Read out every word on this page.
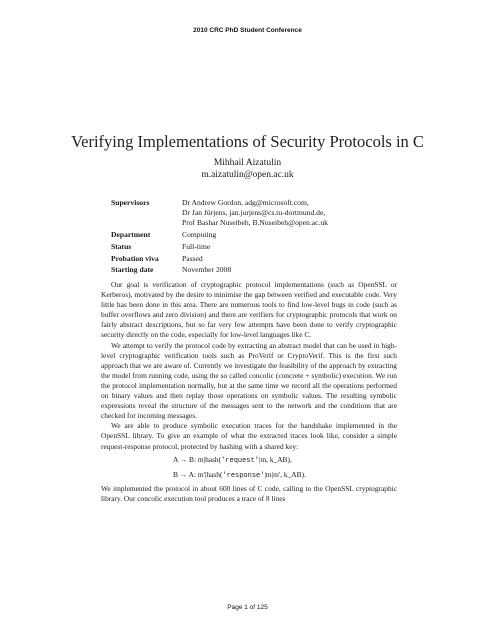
2010 CRC PhD Student Conference
Verifying Implementations of Security Protocols in C
Mihhail Aizatulin
m.aizatulin@open.ac.uk
Supervisors	Dr Andrew Gordon, adg@microsoft.com,
Dr Jan Jürjens, jan.jurjens@cs.tu-dortmund.de,
Prof Bashar Nuseibeh, B.Nuseibeh@open.ac.uk

Department	Computing
Status	Full-time
Probation viva	Passed
Starting date	November 2008

Our goal is verification of cryptographic protocol implementations (such as OpenSSL or Kerberos), motivated by the desire to minimise the gap between verified and executable code. Very little has been done in this area. There are numerous tools to find low-level bugs in code (such as buffer overflows and zero division) and there are verifiers for cryptographic protocols that work on fairly abstract descriptions, but so far very few attempts have been done to verify cryptographic security directly on the code, especially for low-level languages like C.

We attempt to verify the protocol code by extracting an abstract model that can be used in high-level cryptographic verification tools such as ProVerif or CryptoVerif. This is the first such approach that we are aware of. Currently we investigate the feasibility of the approach by extracting the model from running code, using the so called concolic (concrete + symbolic) execution. We run the protocol implementation normally, but at the same time we record all the operations performed on binary values and then replay those operations on symbolic values. The resulting symbolic expressions reveal the structure of the messages sent to the network and the conditions that are checked for incoming messages.

We are able to produce symbolic execution traces for the handshake implemented in the OpenSSL library. To give an example of what the extracted traces look like, consider a simple request-response protocol, protected by hashing with a shared key:

A → B: m|hash('request'|m, k_AB),
B → A: m'|hash('response'|m|m', k_AB).

We implemented the protocol in about 600 lines of C code, calling to the OpenSSL cryptographic library. Our concolic execution tool produces a trace of 8 lines

Page 1 of 125
